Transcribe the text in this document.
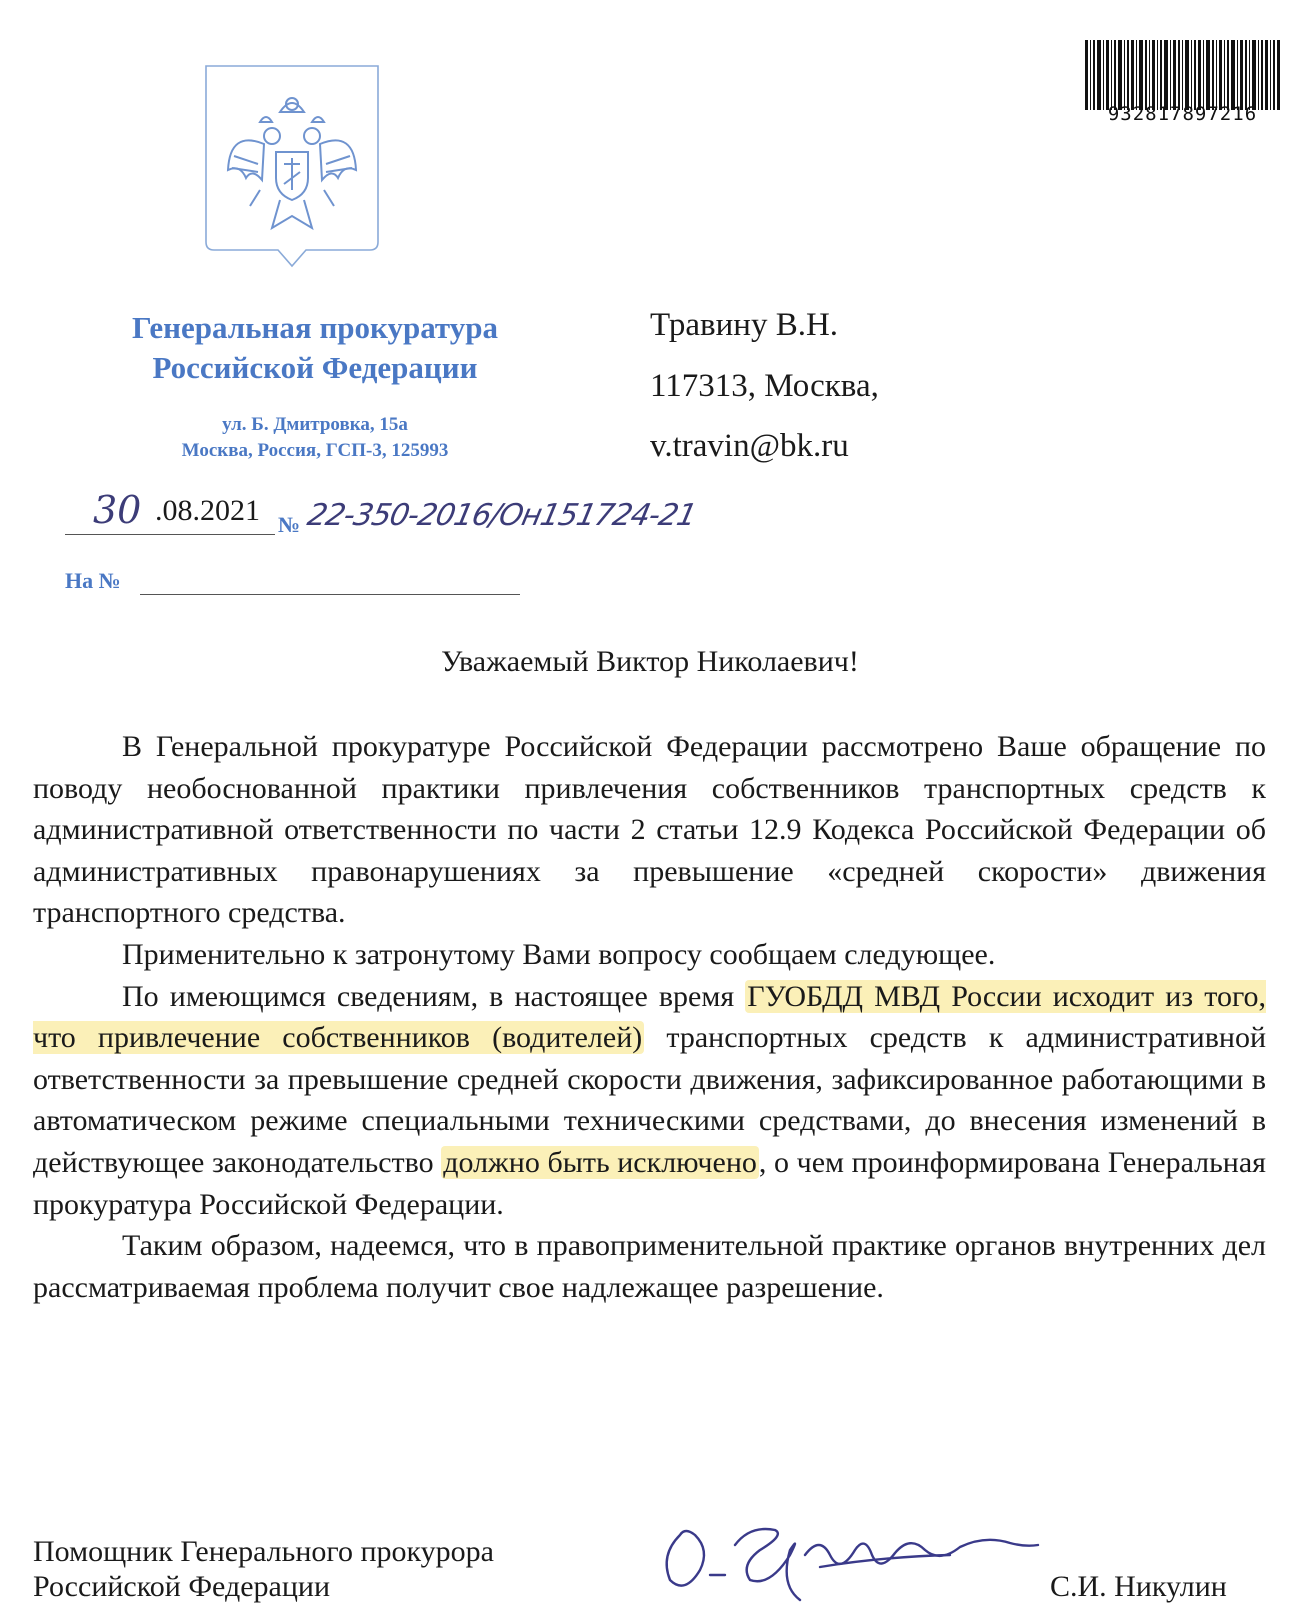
932817897216
Генеральная прокуратура
Российской Федерации
ул. Б. Дмитровка, 15а
Москва, Россия, ГСП-3, 125993
Травину В.Н.
117313, Москва,
v.travin@bk.ru
30 .08.2021 № 22-350-2016/Он151724-21
На №
Уважаемый Виктор Николаевич!

В Генеральной прокуратуре Российской Федерации рассмотрено Ваше обращение по поводу необоснованной практики привлечения собственников транспортных средств к административной ответственности по части 2 статьи 12.9 Кодекса Российской Федерации об административных правонарушениях за превышение «средней скорости» движения транспортного средства.

Применительно к затронутому Вами вопросу сообщаем следующее.

По имеющимся сведениям, в настоящее время ГУОБДД МВД России исходит из того, что привлечение собственников (водителей) транспортных средств к административной ответственности за превышение средней скорости движения, зафиксированное работающими в автоматическом режиме специальными техническими средствами, до внесения изменений в действующее законодательство должно быть исключено, о чем проинформирована Генеральная прокуратура Российской Федерации.

Таким образом, надеемся, что в правоприменительной практике органов внутренних дел рассматриваемая проблема получит свое надлежащее разрешение.

Помощник Генерального прокурора
Российской Федерации	С.И. Никулин
